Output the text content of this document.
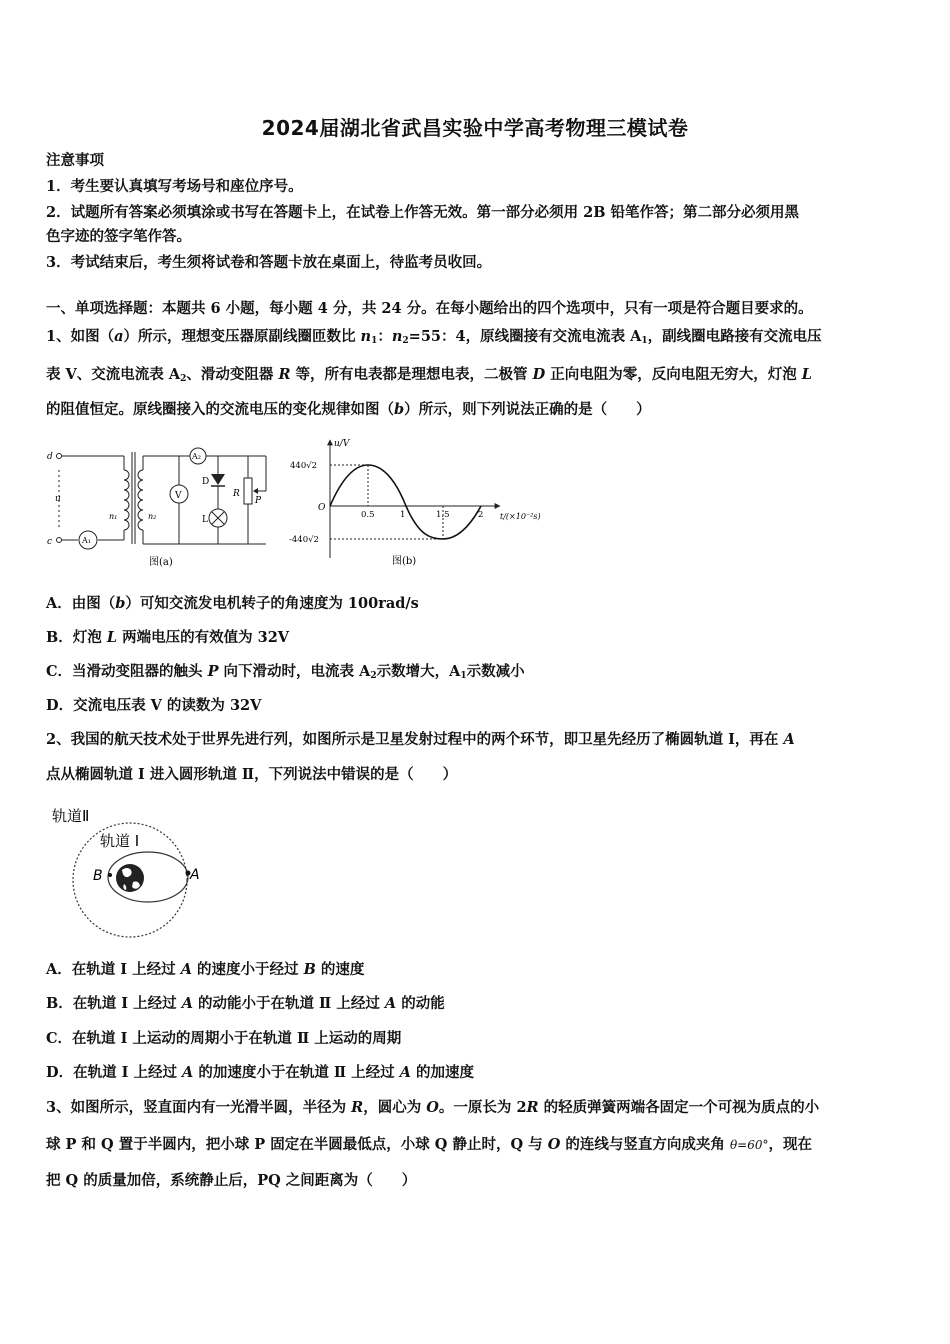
2024届湖北省武昌实验中学高考物理三模试卷
注意事项
1．考生要认真填写考场号和座位序号。
2．试题所有答案必须填涂或书写在答题卡上，在试卷上作答无效。第一部分必须用 2B 铅笔作答；第二部分必须用黑
色字迹的签字笔作答。
3．考试结束后，考生须将试卷和答题卡放在桌面上，待监考员收回。
一、单项选择题：本题共 6 小题，每小题 4 分，共 24 分。在每小题给出的四个选项中，只有一项是符合题目要求的。
1、如图（a）所示，理想变压器原副线圈匝数比 $n_1$：$n_2=55$：4，原线圈接有交流电流表 $A_1$，副线圈电路接有交流电压
表 V、交流电流表 $A_2$、滑动变阻器 R 等，所有电表都是理想电表，二极管 D 正向电阻为零，反向电阻无穷大，灯泡 L
的阻值恒定。原线圈接入的交流电压的变化规律如图（b）所示，则下列说法正确的是（　　）
d
c
u
n₁	n₂
A₁
A₂
V
D
L
R
P
图(a)
u/V
t/(×10⁻²s)
440√2
-440√2
O
0.5	1	1.5	2
图(b)
A．由图（b）可知交流发电机转子的角速度为 100rad/s
B．灯泡 L 两端电压的有效值为 32V
C．当滑动变阻器的触头 P 向下滑动时，电流表 $A_2$示数增大，$A_1$示数减小
D．交流电压表 V 的读数为 32V
2、我国的航天技术处于世界先进行列，如图所示是卫星发射过程中的两个环节，即卫星先经历了椭圆轨道 I，再在 A
点从椭圆轨道 I 进入圆形轨道 Ⅱ，下列说法中错误的是（　　）
轨道Ⅱ
轨道 I
B	A
A．在轨道 I 上经过 A 的速度小于经过 B 的速度
B．在轨道 I 上经过 A 的动能小于在轨道 Ⅱ 上经过 A 的动能
C．在轨道 I 上运动的周期小于在轨道 Ⅱ 上运动的周期
D．在轨道 I 上经过 A 的加速度小于在轨道 Ⅱ 上经过 A 的加速度
3、如图所示，竖直面内有一光滑半圆，半径为 R，圆心为 O。一原长为 2R 的轻质弹簧两端各固定一个可视为质点的小
球 P 和 Q 置于半圆内，把小球 P 固定在半圆最低点，小球 Q 静止时，Q 与 O 的连线与竖直方向成夹角 θ=60°，现在
把 Q 的质量加倍，系统静止后，PQ 之间距离为（　　）
